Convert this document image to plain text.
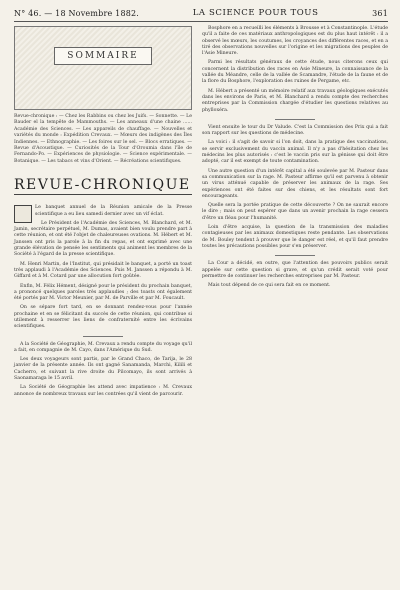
N° 46. — 18 Novembre 1882.	LA SCIENCE POUR TOUS	361
SOMMAIRE
Revue-chronique : — Chez les Rabbins ou chez les Juifs. — Sonnette. — Le Bauder el la tempête de Mammouths. — Les anneaux d'une chaine ...... Académie des Sciences. — Les appareils de chauffage. — Nouvelles et variétés du monde : Expédition Crevaux. — Mœurs des indigènes des Îles Indiennes. — Ethnographie. — Les foires sur le sel. — Blocs erratiques. — Revue d'Acoustique. — Curiosités de la Tour d'Oroumia dans l'île de Fernando-Po. — Expériences de physiologie. — Science expérimentale. — Botanique. — Les tabacs et vins d'Orient. — Récréations scientifiques.
REVUE-CHRONIQUE

Le banquet annuel de la Réunion amicale de la Presse scientifique a eu lieu samedi dernier avec un vif éclat.

Le Président de l'Académie des Sciences, M. Blanchard, et M. Jamin, secrétaire perpétuel, M. Dumas, avaient bien voulu prendre part à cette réunion, et ont été l'objet de chaleureuses ovations. M. Hébert et M. Janssen ont pris la parole à la fin du repas, et ont exprimé avec une grande élévation de pensée les sentiments qui animent les membres de la Société à l'égard de la presse scientifique.

M. Henri Martin, de l'Institut, qui présidait le banquet, a porté un toast très applaudi à l'Académie des Sciences. Puis M. Janssen a répondu à M. Giffard et à M. Cotard par une allocution fort goûtée.

Enfin, M. Félix Hément, désigné pour le président du prochain banquet, a prononcé quelques paroles très applaudies ; des toasts ont également été portés par M. Victor Meunier, par M. de Parville et par M. Foucault.

On se sépare fort tard, en se donnant rendez-vous pour l'année prochaine et en se félicitant du succès de cette réunion, qui contribue si utilement à resserrer les liens de confraternité entre les écrivains scientifiques.

A la Société de Géographie, M. Crevaux a rendu compte du voyage qu'il a fait, en compagnie de M. Cayo, dans l'Amérique du Sud.

Les deux voyageurs sont partis, par le Grand Chaco, de Tarija, le 28 janvier de la présente année. Ils ont gagné Sanamanda, Marchi, Kilili et Cacherro, et suivant la rive droite du Pilcomayo, ils sont arrivés à Saonamaraga le 15 avril.

La Société de Géographie les attend avec impatience : M. Crevaux annonce de nombreux travaux sur les contrées qu'il vient de parcourir.

Bosphore en a recueilli les éléments à Brousse et à Constantinople. L'étude qu'il a faite de ces matériaux anthropologiques est du plus haut intérêt : il a observé les mœurs, les coutumes, les croyances des différentes races, et en a tiré des observations nouvelles sur l'origine et les migrations des peuples de l'Asie Mineure.

Parmi les résultats généraux de cette étude, nous citerons ceux qui concernent la distribution des races en Asie Mineure, la connaissance de la vallée du Méandre, celle de la vallée de Scamandre, l'étude de la faune et de la flore du Bosphore, l'exploration des ruines de Pergame, etc.

M. Hébert a présenté un mémoire relatif aux travaux géologiques exécutés dans les environs de Paris, et M. Blanchard a rendu compte des recherches entreprises par la Commission chargée d'étudier les questions relatives au phylloxéra.

Vient ensuite le tour du Dr Valude. C'est la Commission des Prix qui a fait son rapport sur les questions de médecine.

La voici : il s'agit de savoir si l'on doit, dans la pratique des vaccinations, se servir exclusivement du vaccin animal. Il n'y a pas d'hésitation chez les médecins les plus autorisés : c'est le vaccin pris sur la génisse qui doit être adopté, car il est exempt de toute contamination.

Une autre question d'un intérêt capital a été soulevée par M. Pasteur dans sa communication sur la rage. M. Pasteur affirme qu'il est parvenu à obtenir un virus atténué capable de préserver les animaux de la rage. Ses expériences ont été faites sur des chiens, et les résultats sont fort encourageants.

Quelle sera la portée pratique de cette découverte ? On ne saurait encore le dire ; mais on peut espérer que dans un avenir prochain la rage cessera d'être un fléau pour l'humanité.

Loin d'être acquise, la question de la transmission des maladies contagieuses par les animaux domestiques reste pendante. Les observations de M. Bouley tendent à prouver que le danger est réel, et qu'il faut prendre toutes les précautions possibles pour s'en préserver.

La Cour a décidé, en outre, que l'attention des pouvoirs publics serait appelée sur cette question si grave, et qu'un crédit serait voté pour permettre de continuer les recherches entreprises par M. Pasteur.

Mais tout dépend de ce qui sera fait en ce moment.
